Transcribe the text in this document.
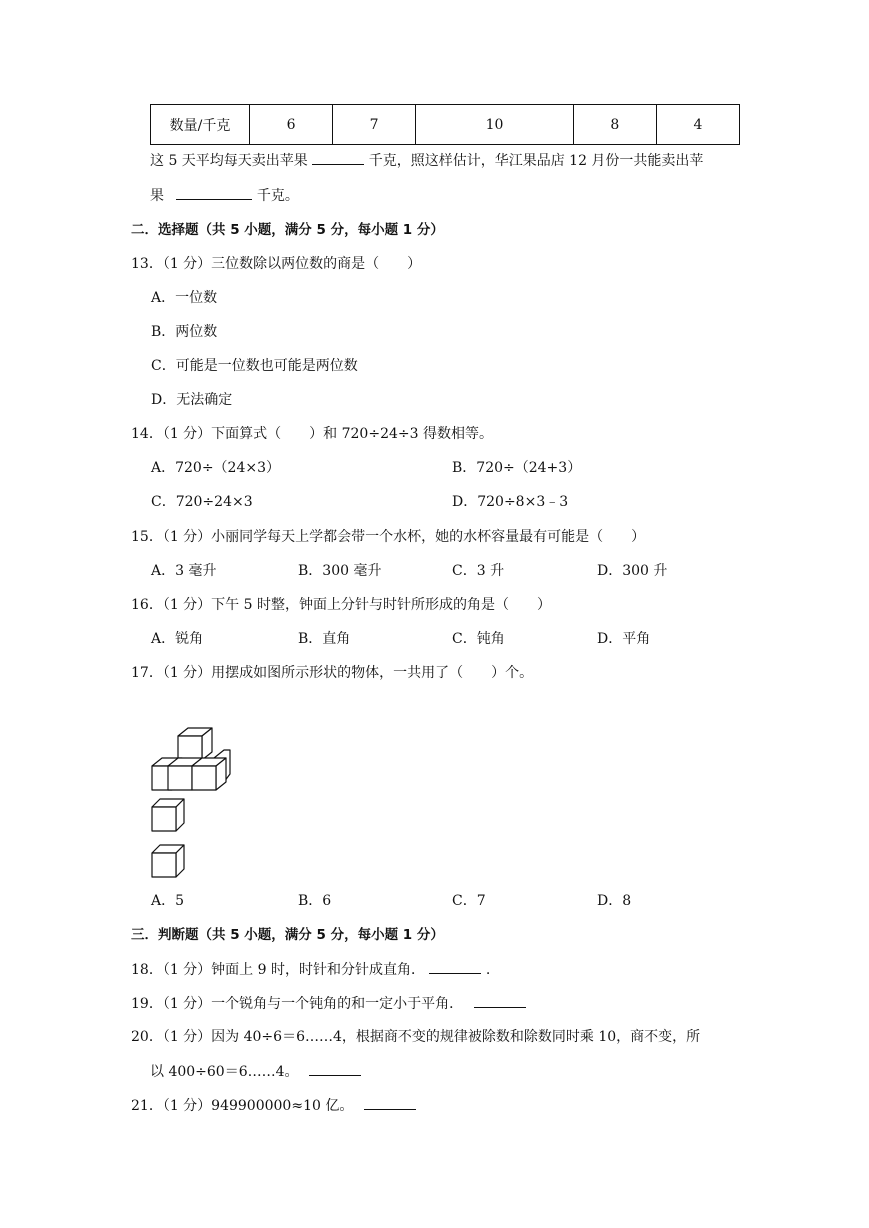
数量/千克	6	7	10	8	4
这 5 天平均每天卖出苹果	千克，照这样估计，华江果品店 12 月份一共能卖出苹
果	千克。
二．选择题（共 5 小题，满分 5 分，每小题 1 分）
13．（1 分）三位数除以两位数的商是（　　）
A．一位数
B．两位数
C．可能是一位数也可能是两位数
D．无法确定
14．（1 分）下面算式（　　）和 720÷24÷3 得数相等。
A．720÷（24×3）	B．720÷（24+3）
C．720÷24×3	D．720÷8×3﹣3
15．（1 分）小丽同学每天上学都会带一个水杯，她的水杯容量最有可能是（　　）
A．3 毫升	B．300 毫升	C．3 升	D．300 升
16．（1 分）下午 5 时整，钟面上分针与时针所形成的角是（　　）
A．锐角	B．直角	C．钝角	D．平角
17．（1 分）用摆成如图所示形状的物体，一共用了（　　）个。
A．5	B．6	C．7	D．8
三．判断题（共 5 小题，满分 5 分，每小题 1 分）
18．（1 分）钟面上 9 时，时针和分针成直角．	.
19．（1 分）一个锐角与一个钝角的和一定小于平角．
20．（1 分）因为 40÷6＝6……4，根据商不变的规律被除数和除数同时乘 10，商不变，所
以 400÷60＝6……4。
21．（1 分）949900000≈10 亿。
